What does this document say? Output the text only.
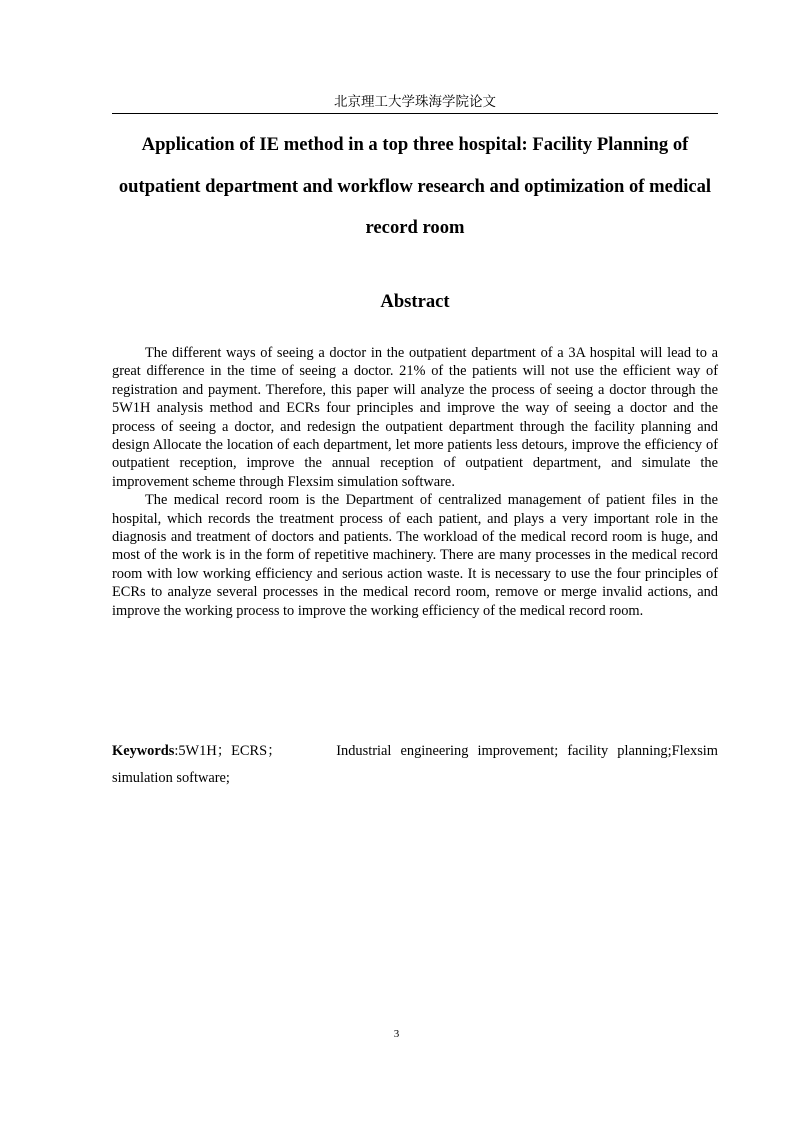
北京理工大学珠海学院论文
Application of IE method in a top three hospital: Facility Planning of outpatient department and workflow research and optimization of medical record room
Abstract

The different ways of seeing a doctor in the outpatient department of a 3A hospital will lead to a great difference in the time of seeing a doctor. 21% of the patients will not use the efficient way of registration and payment. Therefore, this paper will analyze the process of seeing a doctor through the 5W1H analysis method and ECRs four principles and improve the way of seeing a doctor and the process of seeing a doctor, and redesign the outpatient department through the facility planning and design Allocate the location of each department, let more patients less detours, improve the efficiency of outpatient reception, improve the annual reception of outpatient department, and simulate the improvement scheme through Flexsim simulation software.

The medical record room is the Department of centralized management of patient files in the hospital, which records the treatment process of each patient, and plays a very important role in the diagnosis and treatment of doctors and patients. The workload of the medical record room is huge, and most of the work is in the form of repetitive machinery. There are many processes in the medical record room with low working efficiency and serious action waste. It is necessary to use the four principles of ECRs to analyze several processes in the medical record room, remove or merge invalid actions, and improve the working process to improve the working efficiency of the medical record room.

Keywords:5W1H；ECRS；      Industrial engineering improvement; facility planning;Flexsim simulation software;
3
